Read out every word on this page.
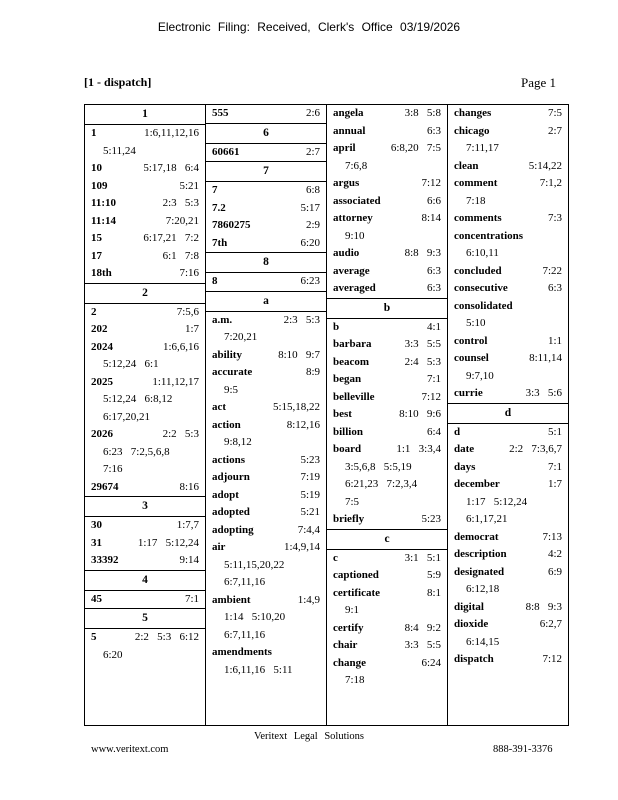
Electronic Filing: Received, Clerk's Office 03/19/2026
[1 - dispatch]	Page 1
1
1	1:6,11,12,16
5:11,24
10	5:17,18   6:4
109	5:21
11:10	2:3   5:3
11:14	7:20,21
15	6:17,21   7:2
17	6:1   7:8
18th	7:16
2
2	7:5,6
202	1:7
2024	1:6,6,16
5:12,24   6:1
2025	1:11,12,17
5:12,24   6:8,12
6:17,20,21
2026	2:2   5:3
6:23   7:2,5,6,8
7:16
29674	8:16
3
30	1:7,7
31	1:17   5:12,24
33392	9:14
4
45	7:1
5
5	2:2   5:3   6:12
6:20
555	2:6
6
60661	2:7
7
7	6:8
7.2	5:17
7860275	2:9
7th	6:20
8
8	6:23
a
a.m.	2:3   5:3
7:20,21
ability	8:10   9:7
accurate	8:9
9:5
act	5:15,18,22
action	8:12,16
9:8,12
actions	5:23
adjourn	7:19
adopt	5:19
adopted	5:21
adopting	7:4,4
air	1:4,9,14
5:11,15,20,22
6:7,11,16
ambient	1:4,9
1:14   5:10,20
6:7,11,16
amendments
1:6,11,16   5:11
angela	3:8   5:8
annual	6:3
april	6:8,20   7:5
7:6,8
argus	7:12
associated	6:6
attorney	8:14
9:10
audio	8:8   9:3
average	6:3
averaged	6:3
b
b	4:1
barbara	3:3   5:5
beacom	2:4   5:3
began	7:1
belleville	7:12
best	8:10   9:6
billion	6:4
board	1:1   3:3,4
3:5,6,8   5:5,19
6:21,23   7:2,3,4
7:5
briefly	5:23
c
c	3:1   5:1
captioned	5:9
certificate	8:1
9:1
certify	8:4   9:2
chair	3:3   5:5
change	6:24
7:18
changes	7:5
chicago	2:7
7:11,17
clean	5:14,22
comment	7:1,2
7:18
comments	7:3
concentrations
6:10,11
concluded	7:22
consecutive	6:3
consolidated
5:10
control	1:1
counsel	8:11,14
9:7,10
currie	3:3   5:6
d
d	5:1
date	2:2   7:3,6,7
days	7:1
december	1:7
1:17   5:12,24
6:1,17,21
democrat	7:13
description	4:2
designated	6:9
6:12,18
digital	8:8   9:3
dioxide	6:2,7
6:14,15
dispatch	7:12
Veritext Legal Solutions
www.veritext.com	888-391-3376
